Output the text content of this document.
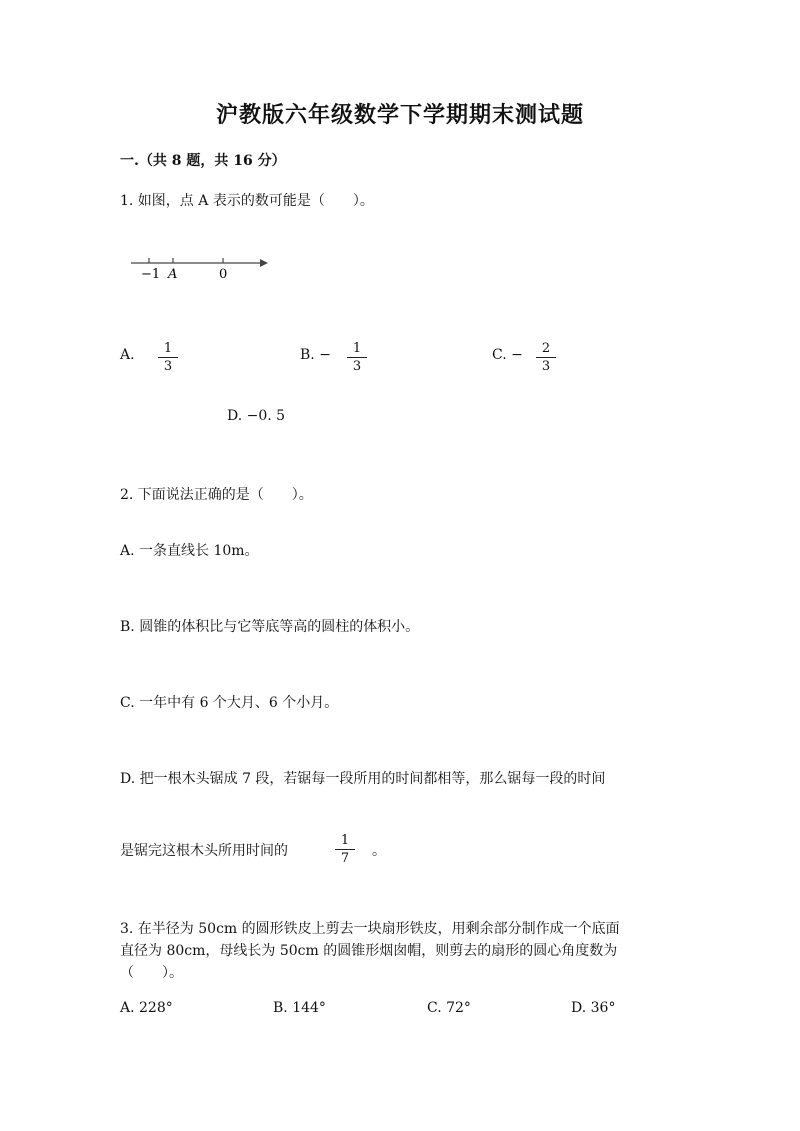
沪教版六年级数学下学期期末测试题
一.（共 8 题，共 16 分）
1. 如图，点 A 表示的数可能是（　　）。
−1 A	0
A. $\frac{1}{3}$	B. − $\frac{1}{3}$	C. − $\frac{2}{3}$
D. −0. 5
2. 下面说法正确的是（　　）。
A. 一条直线长 10m。
B. 圆锥的体积比与它等底等高的圆柱的体积小。
C. 一年中有 6 个大月、6 个小月。
D. 把一根木头锯成 7 段，若锯每一段所用的时间都相等，那么锯每一段的时间
是锯完这根木头所用时间的	$\frac{1}{7}$ 。
3. 在半径为 50cm 的圆形铁皮上剪去一块扇形铁皮，用剩余部分制作成一个底面
直径为 80cm，母线长为 50cm 的圆锥形烟囱帽，则剪去的扇形的圆心角度数为
（　　）。
A. 228°	B. 144°	C. 72°	D. 36°
